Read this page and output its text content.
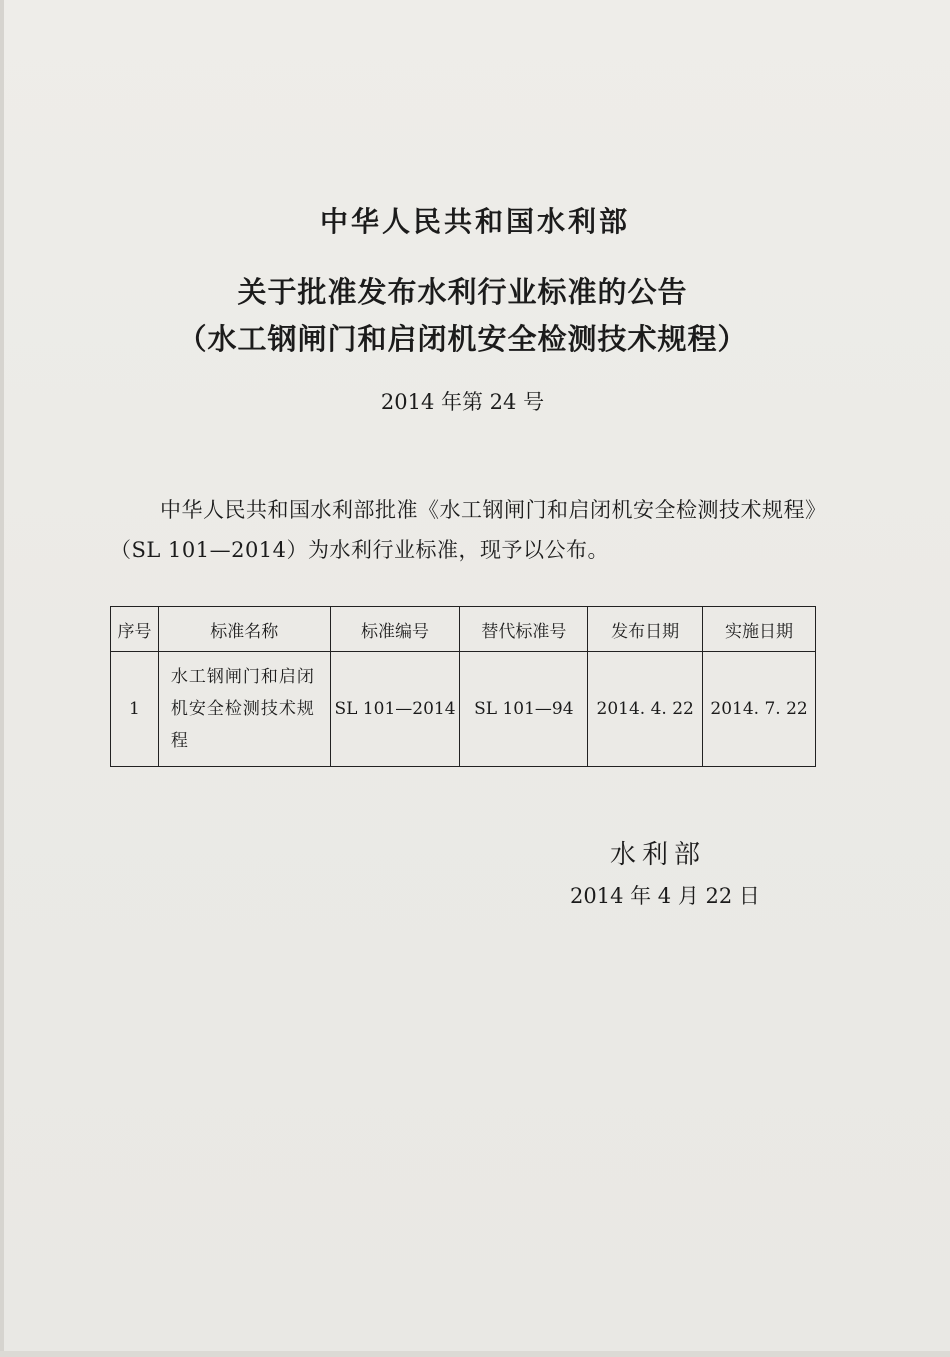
中华人民共和国水利部
关于批准发布水利行业标准的公告
（水工钢闸门和启闭机安全检测技术规程）

2014 年第 24 号

中华人民共和国水利部批准《水工钢闸门和启闭机安全检测技术规程》（SL 101—2014）为水利行业标准，现予以公布。

序号	标准名称	标准编号	替代标准号	发布日期	实施日期
1	水工钢闸门和启闭机安全检测技术规程	SL 101—2014	SL 101—94	2014. 4. 22	2014. 7. 22

水利部

2014 年 4 月 22 日
